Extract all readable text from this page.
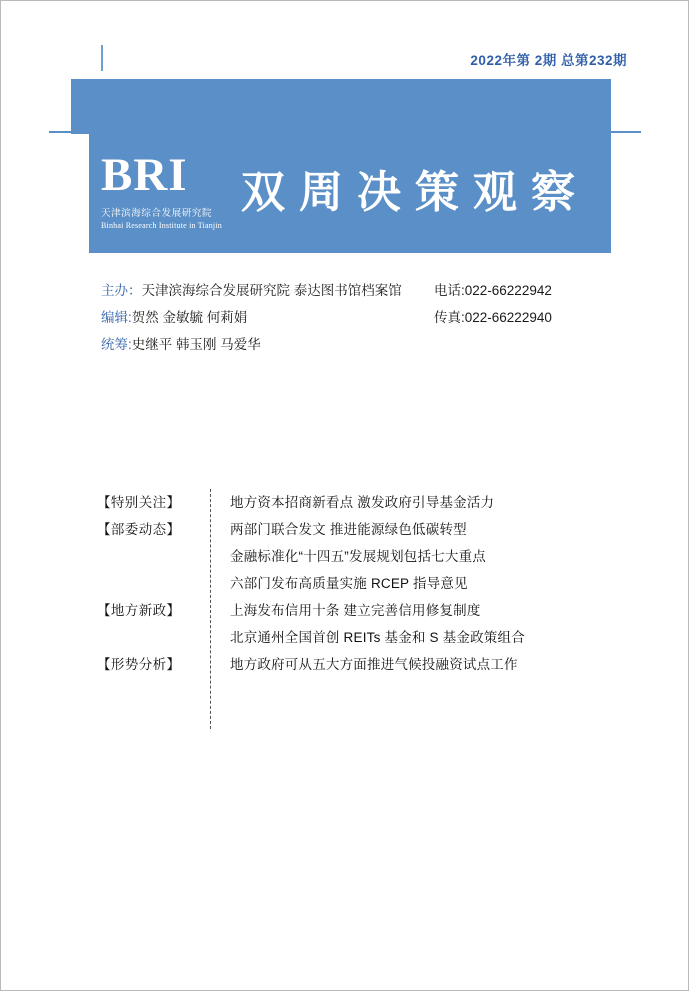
2022年第 2期 总第232期
BRI
天津滨海综合发展研究院
Binhai Research Institute in Tianjin
双周决策观察
主办：天津滨海综合发展研究院 泰达图书馆档案馆 电话:022-66222942
编辑:贺然 金敏毓 何莉娟	传真:022-66222940
统筹:史继平 韩玉刚 马爱华
【特别关注】	地方资本招商新看点 激发政府引导基金活力
【部委动态】	两部门联合发文 推进能源绿色低碳转型
金融标准化“十四五”发展规划包括七大重点
六部门发布高质量实施 RCEP 指导意见
【地方新政】	上海发布信用十条 建立完善信用修复制度
北京通州全国首创 REITs 基金和 S 基金政策组合
【形势分析】	地方政府可从五大方面推进气候投融资试点工作
